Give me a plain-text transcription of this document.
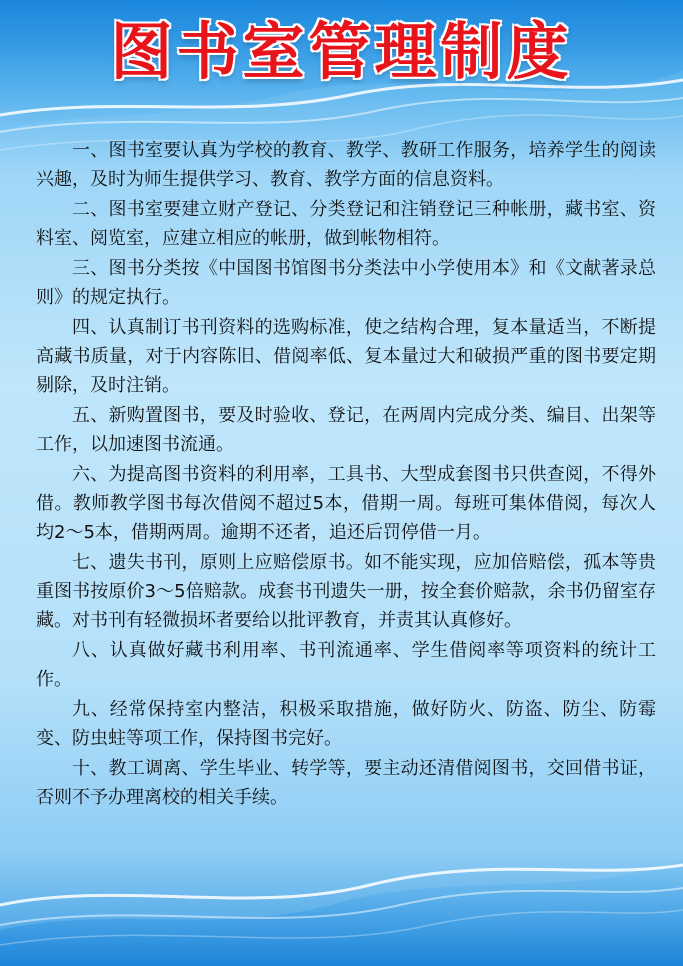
图书室管理制度

一、图书室要认真为学校的教育、教学、教研工作服务，培养学生的阅读兴趣，及时为师生提供学习、教育、教学方面的信息资料。

二、图书室要建立财产登记、分类登记和注销登记三种帐册，藏书室、资料室、阅览室，应建立相应的帐册，做到帐物相符。

三、图书分类按《中国图书馆图书分类法中小学使用本》和《文献著录总则》的规定执行。

四、认真制订书刊资料的选购标准，使之结构合理，复本量适当，不断提高藏书质量，对于内容陈旧、借阅率低、复本量过大和破损严重的图书要定期剔除，及时注销。

五、新购置图书，要及时验收、登记，在两周内完成分类、编目、出架等工作，以加速图书流通。

六、为提高图书资料的利用率，工具书、大型成套图书只供查阅，不得外借。教师教学图书每次借阅不超过5本，借期一周。每班可集体借阅，每次人均2～5本，借期两周。逾期不还者，追还后罚停借一月。

七、遗失书刊，原则上应赔偿原书。如不能实现，应加倍赔偿，孤本等贵重图书按原价3～5倍赔款。成套书刊遗失一册，按全套价赔款，余书仍留室存藏。对书刊有轻微损坏者要给以批评教育，并责其认真修好。

八、认真做好藏书利用率、书刊流通率、学生借阅率等项资料的统计工作。

九、经常保持室内整洁，积极采取措施，做好防火、防盗、防尘、防霉变、防虫蛀等项工作，保持图书完好。

十、教工调离、学生毕业、转学等，要主动还清借阅图书，交回借书证，否则不予办理离校的相关手续。
